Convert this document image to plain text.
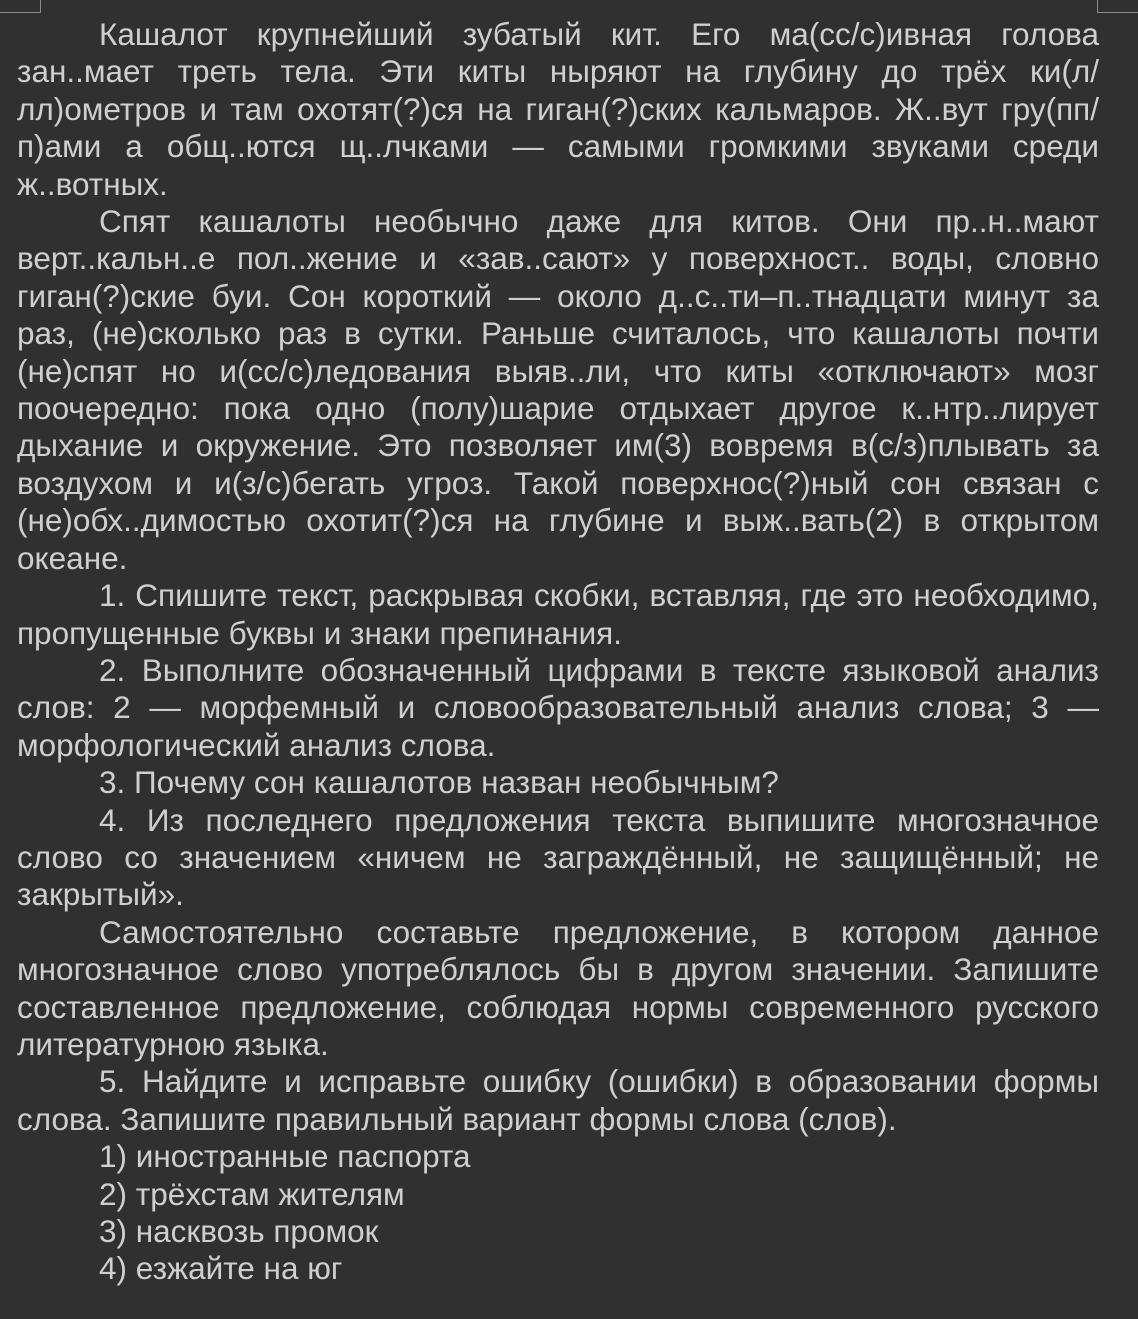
Кашалот крупнейший зубатый кит. Его ма(сс/с)ивная голова зан..мает треть тела. Эти киты ныряют на глубину до трёх ки(л/лл)ометров и там охотят(?)ся на гиган(?)ских кальмаров. Ж..вут гру(пп/п)ами а общ..ются щ..лчками — самыми громкими звуками среди ж..вотных.

Спят кашалоты необычно даже для китов. Они пр..н..мают верт..кальн..е пол..жение и «зав..сают» у поверхност.. воды, словно гиган(?)ские буи. Сон короткий — около д..с..ти–п..тнадцати минут за раз, (не)сколько раз в сутки. Раньше считалось, что кашалоты почти (не)спят но и(сс/с)ледования выяв..ли, что киты «отключают» мозг поочередно: пока одно (полу)шарие отдыхает другое к..нтр..лирует дыхание и окружение. Это позволяет им(3) вовремя в(с/з)плывать за воздухом и и(з/с)бегать угроз. Такой поверхнос(?)ный сон связан с (не)обх..димостью охотит(?)ся на глубине и выж..вать(2) в открытом океане.

1. Спишите текст, раскрывая скобки, вставляя, где это необходимо, пропущенные буквы и знаки препинания.

2. Выполните обозначенный цифрами в тексте языковой анализ слов: 2 — морфемный и словообразовательный анализ слова; 3 — морфологический анализ слова.

3. Почему сон кашалотов назван необычным?

4. Из последнего предложения текста выпишите многозначное слово со значением «ничем не заграждённый, не защищённый; не закрытый».

Самостоятельно составьте предложение, в котором данное многозначное слово употреблялось бы в другом значении. Запишите составленное предложение, соблюдая нормы современного русского литературною языка.

5. Найдите и исправьте ошибку (ошибки) в образовании формы слова. Запишите правильный вариант формы слова (слов).

1) иностранные паспорта

2) трёхстам жителям

3) насквозь промок

4) езжайте на юг
